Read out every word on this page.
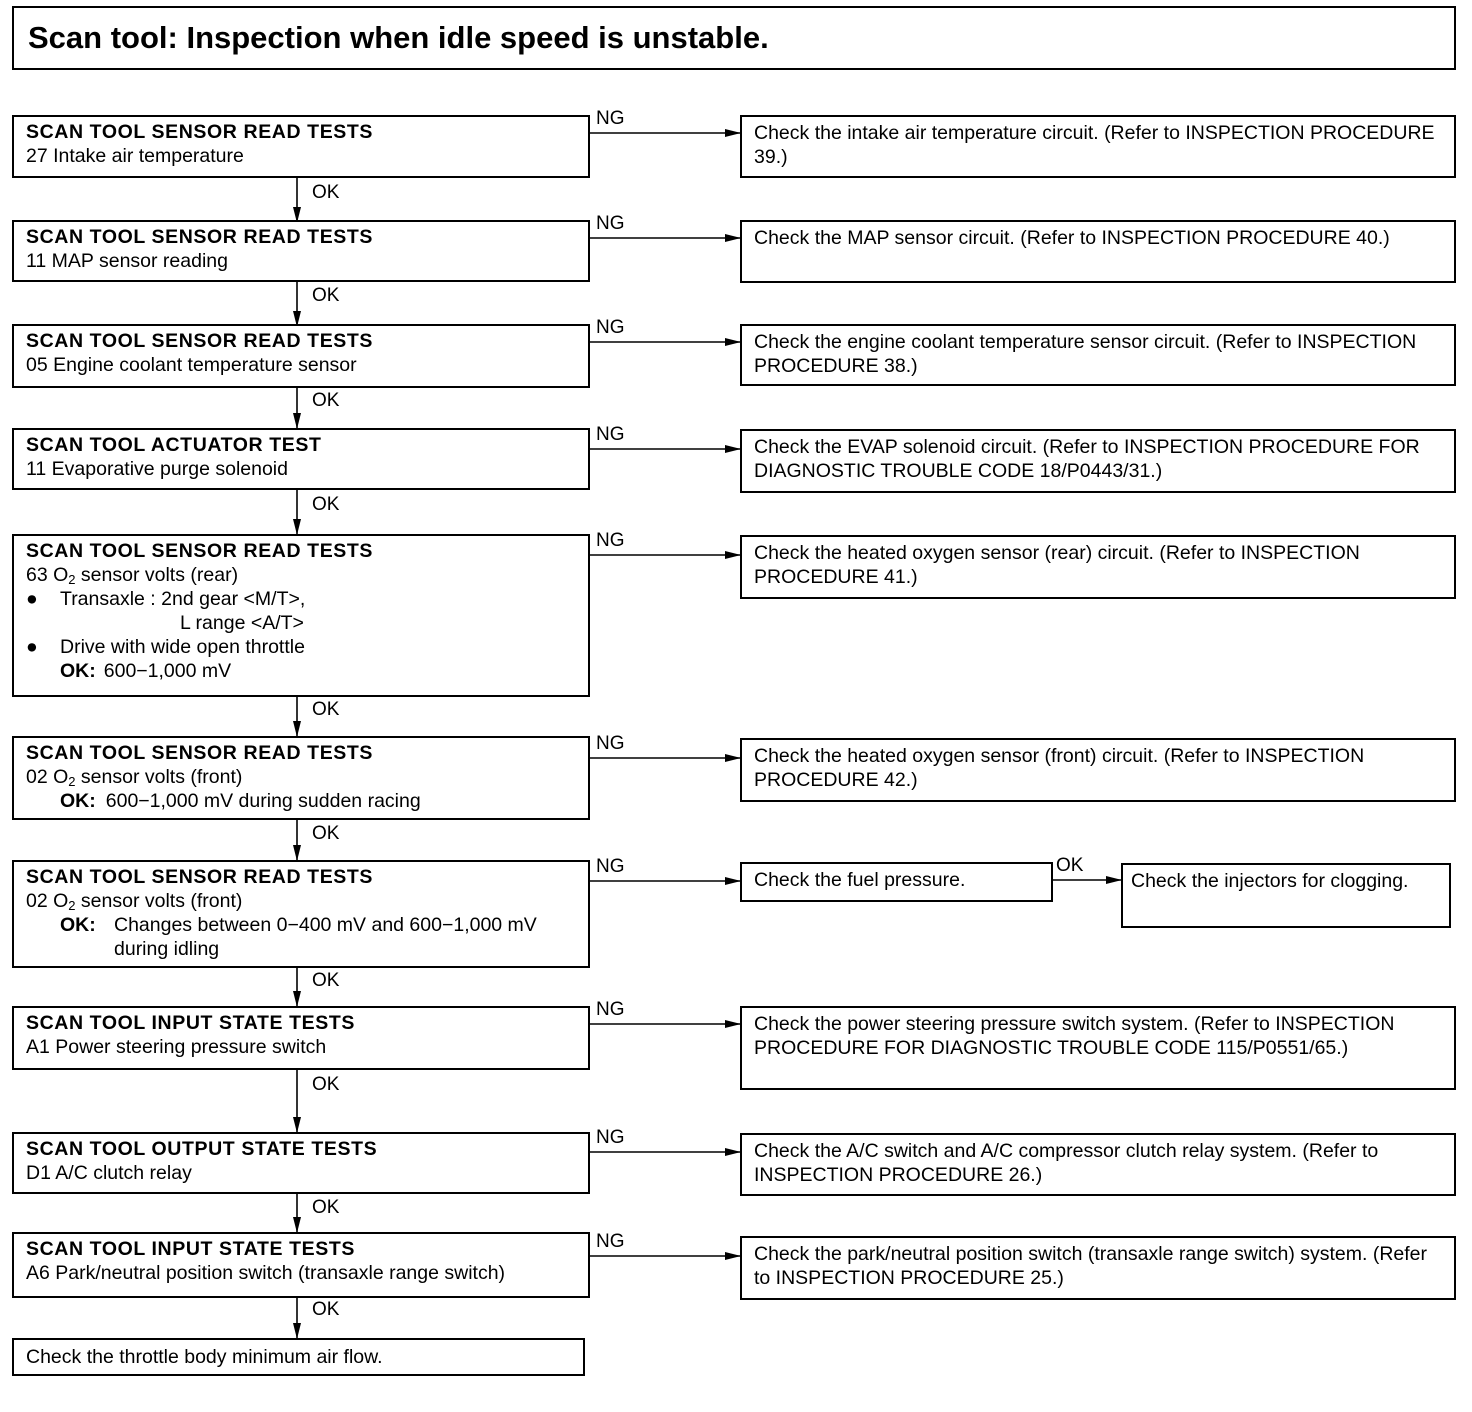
Scan tool: Inspection when idle speed is unstable.
NG
NG
NG
NG
NG
NG
NG
NG
NG
NG
OK
OK
OK
OK
OK
OK
OK
OK
OK
OK
OK
SCAN TOOL SENSOR READ TESTS
27 Intake air temperature
Check the intake air temperature circuit. (Refer to INSPECTION PROCEDURE 39.)
SCAN TOOL SENSOR READ TESTS
11 MAP sensor reading
Check the MAP sensor circuit. (Refer to INSPECTION PROCEDURE 40.)
SCAN TOOL SENSOR READ TESTS
05 Engine coolant temperature sensor
Check the engine coolant temperature sensor circuit. (Refer to INSPECTION PROCEDURE 38.)
SCAN TOOL ACTUATOR TEST
11 Evaporative purge solenoid
Check the EVAP solenoid circuit. (Refer to INSPECTION PROCEDURE FOR DIAGNOSTIC TROUBLE CODE 18/P0443/31.)
SCAN TOOL SENSOR READ TESTS
63 $O_2$ sensor volts (rear)
●	Transaxle : 2nd gear <M/T>,
L range <A/T>
●	Drive with wide open throttle
OK: 600−1,000 mV
Check the heated oxygen sensor (rear) circuit. (Refer to INSPECTION PROCEDURE 41.)
SCAN TOOL SENSOR READ TESTS
02 $O_2$ sensor volts (front)
OK: 600−1,000 mV during sudden racing
Check the heated oxygen sensor (front) circuit. (Refer to INSPECTION PROCEDURE 42.)
SCAN TOOL SENSOR READ TESTS
02 $O_2$ sensor volts (front)
OK: Changes between 0−400 mV and 600−1,000 mV during idling
Check the fuel pressure.	Check the injectors for clogging.
SCAN TOOL INPUT STATE TESTS
A1 Power steering pressure switch
Check the power steering pressure switch system. (Refer to INSPECTION PROCEDURE FOR DIAGNOSTIC TROUBLE CODE 115/P0551/65.)
SCAN TOOL OUTPUT STATE TESTS
D1 A/C clutch relay
Check the A/C switch and A/C compressor clutch relay system. (Refer to INSPECTION PROCEDURE 26.)
SCAN TOOL INPUT STATE TESTS
A6 Park/neutral position switch (transaxle range switch)
Check the park/neutral position switch (transaxle range switch) system. (Refer to INSPECTION PROCEDURE 25.)
Check the throttle body minimum air flow.
